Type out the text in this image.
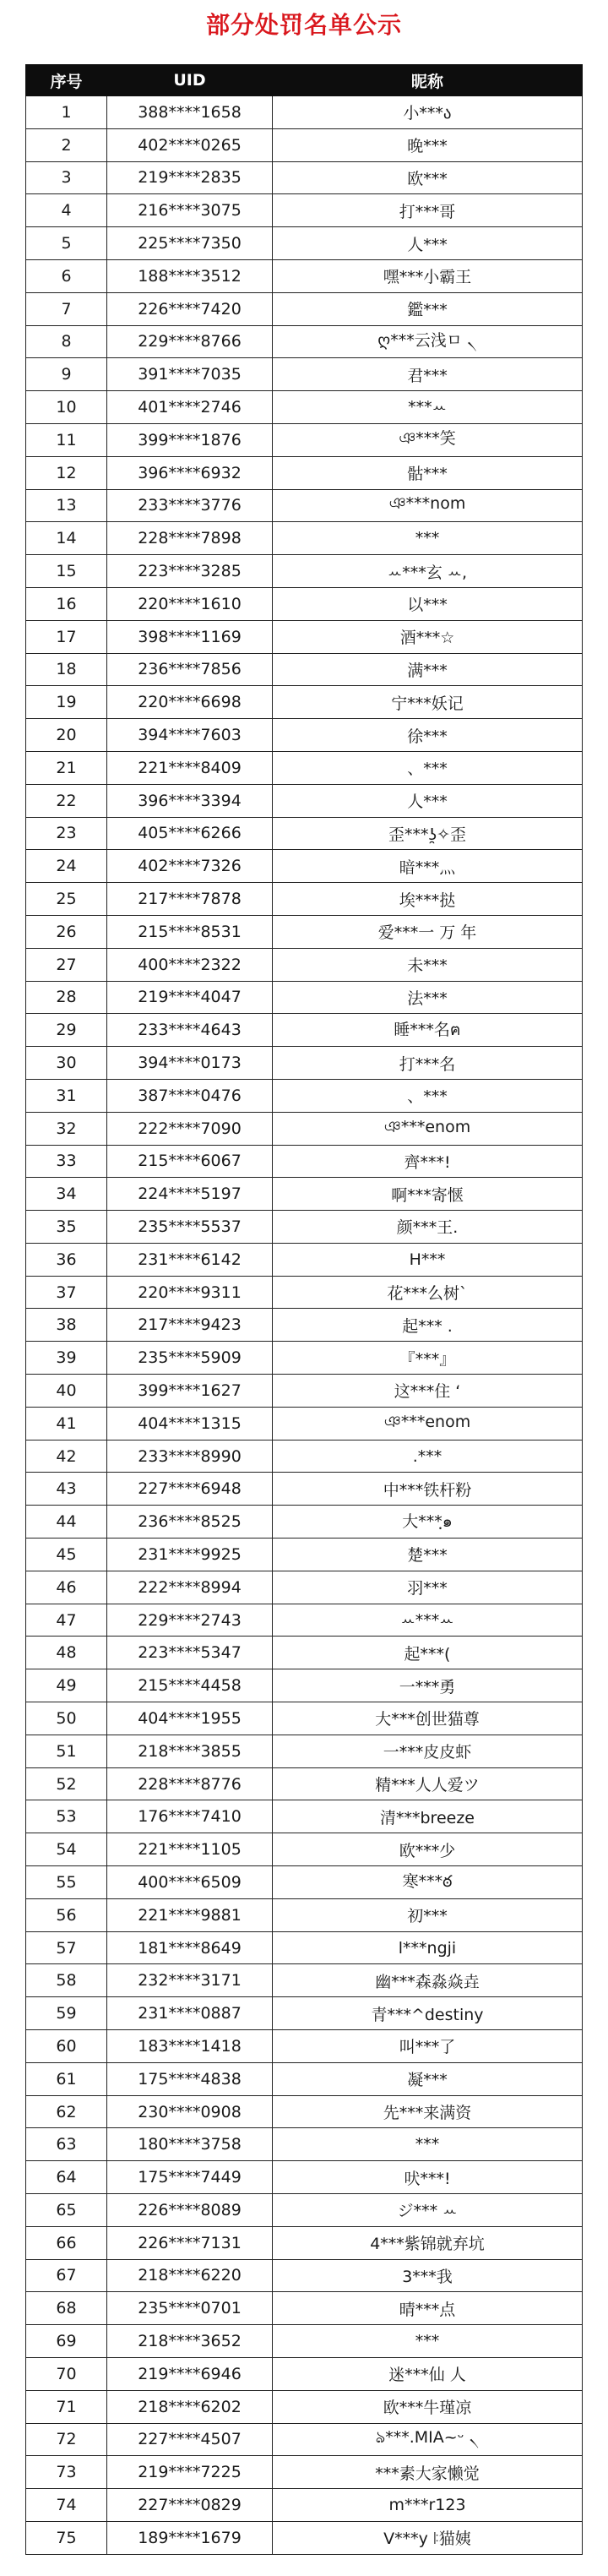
部分处罚名单公示
序号	UID	昵称
1	388****1658	小***ა
2	402****0265	晚***
3	219****2835	欧***
4	216****3075	打***哥
5	225****7350	人***
6	188****3512	嘿***小霸王
7	226****7420	鑑***
8	229****8766	ღ***云浅ㅁ ৲
9	391****7035	君***
10	401****2746	***ꕀ
11	399****1876	ঞ***笑
12	396****6932	骷***
13	233****3776	ঞ***nom
14	228****7898	***
15	223****3285	ꕀ***玄 ꕀ,
16	220****1610	以***
17	398****1169	酒***☆
18	236****7856	满***
19	220****6698	宁***妖记
20	394****7603	徐***
21	221****8409	、***
22	396****3394	人***
23	405****6266	歪***ʖ̯✧歪
24	402****7326	暗***灬
25	217****7878	埃***挞
26	215****8531	爱***一 万 年
27	400****2322	未***
28	219****4047	法***
29	233****4643	睡***名ฅ
30	394****0173	打***名
31	387****0476	、***
32	222****7090	ঞ***enom
33	215****6067	齊***!
34	224****5197	啊***寄惬
35	235****5537	颜***王.
36	231****6142	H***
37	220****9311	花***么树`
38	217****9423	起*** .
39	235****5909	『***』
40	399****1627	这***住 ‘
41	404****1315	ঞ***enom
42	233****8990	.***
43	227****6948	中***铁杆粉
44	236****8525	大***ฺ๑
45	231****9925	楚***
46	222****8994	羽***
47	229****2743	ꕀ***ꕀ
48	223****5347	起***(
49	215****4458	一***勇
50	404****1955	大***创世猫尊
51	218****3855	一***皮皮虾
52	228****8776	精***人人爱ツ
53	176****7410	清***breeze
54	221****1105	欧***少
55	400****6509	寒***ఠ
56	221****9881	初***
57	181****8649	l***ngji
58	232****3171	幽***森淼焱垚
59	231****0887	青***^destiny
60	183****1418	叫***了
61	175****4838	凝***
62	230****0908	先***来满资
63	180****3758	***
64	175****7449	吠***!
65	226****8089	ジ*** ꕀ
66	226****7131	4***紫锦就弃坑
67	218****6220	3***我
68	235****0701	晴***点
69	218****3652	***
70	219****6946	迷***仙 人
71	218****6202	欧***牛瑾凉
72	227****4507	ঌ***.MIA~ᵕ ৲
73	219****7225	***素大家懒觉
74	227****0829	m***r123
75	189****1679	V***y ꖎ猫姨
